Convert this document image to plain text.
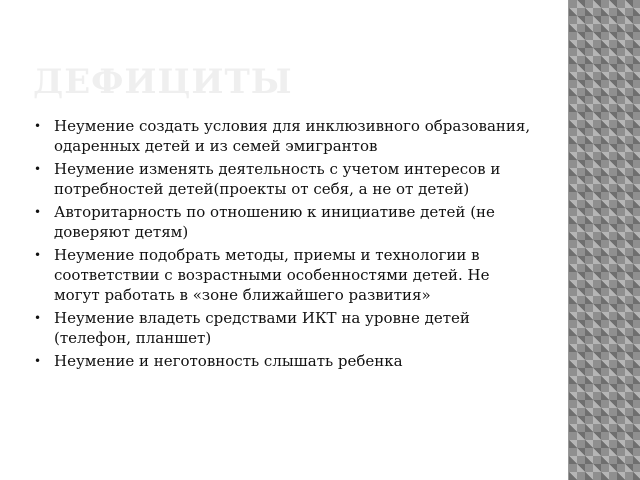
ДЕФИЦИТЫ
• Неумение создать условия для инклюзивного образования, одаренных детей и из семей эмигрантов
• Неумение изменять деятельность с учетом интересов и потребностей детей(проекты от себя, а не от детей)
• Авторитарность по отношению к инициативе детей (не доверяют детям)
• Неумение подобрать методы, приемы и технологии в соответствии с возрастными особенностями детей. Не могут работать в «зоне ближайшего развития»
• Неумение владеть средствами ИКТ на уровне детей (телефон, планшет)
• Неумение и неготовность слышать ребенка
